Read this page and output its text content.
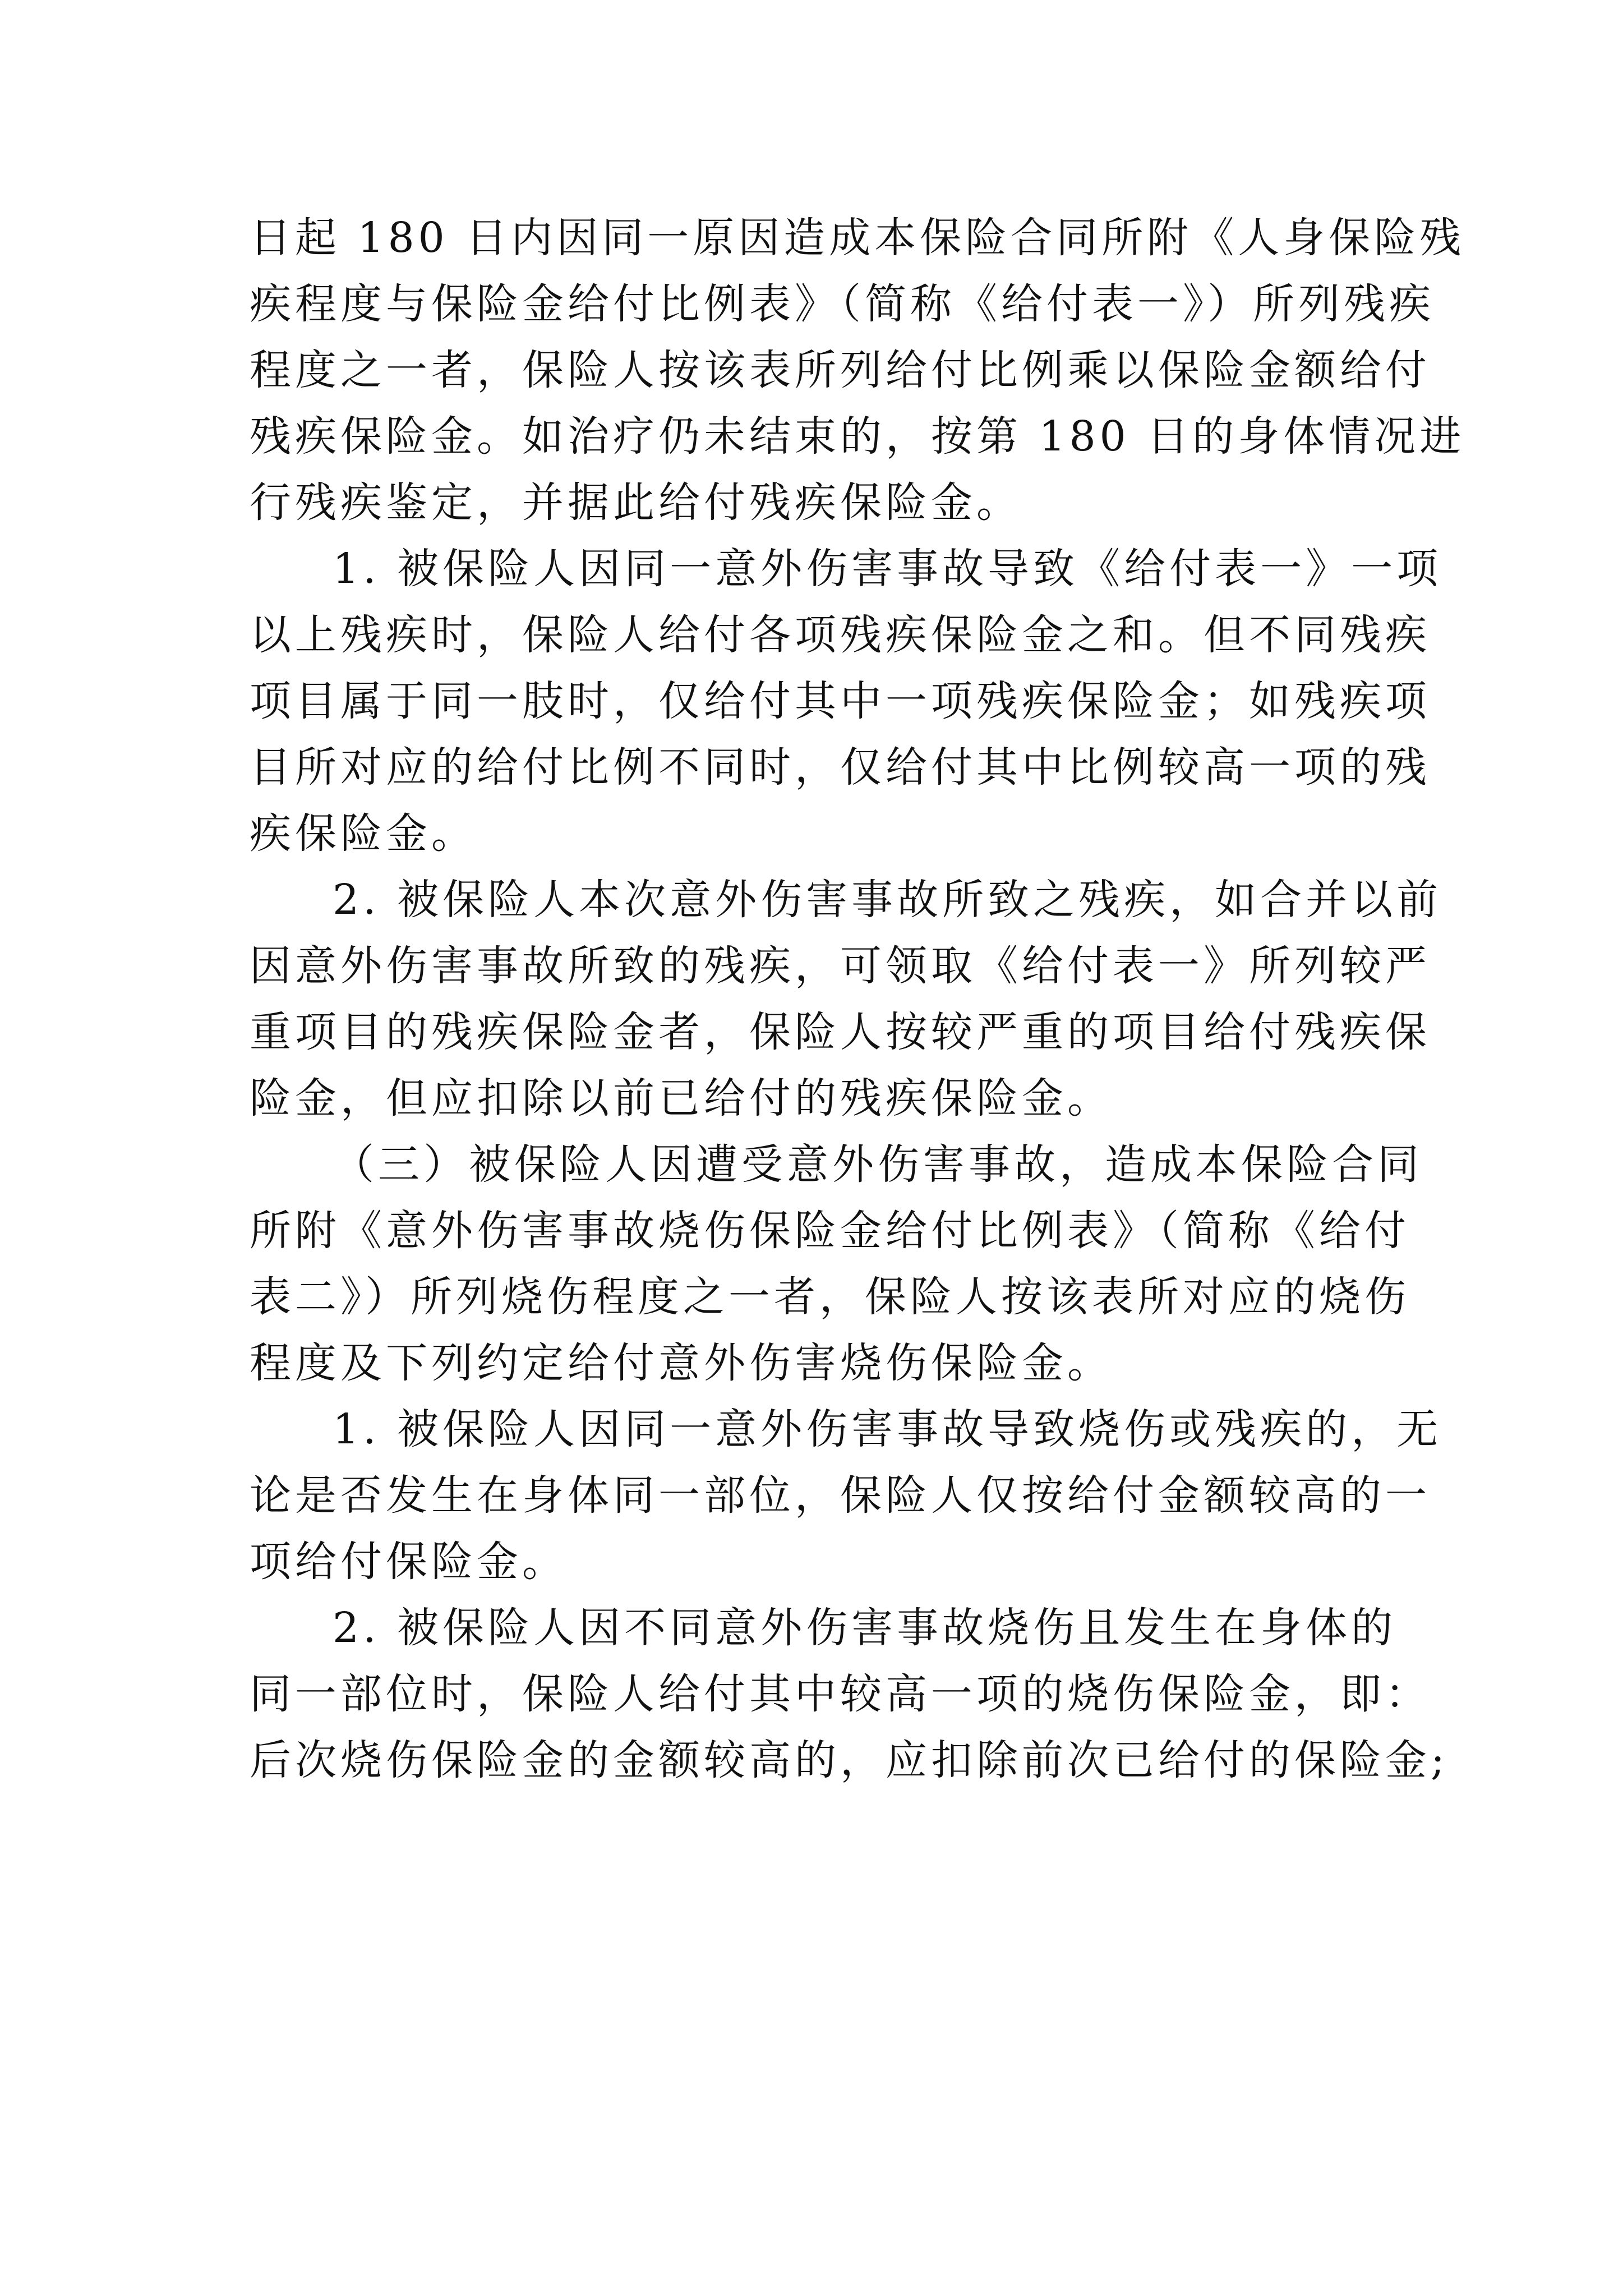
日起 180 日内因同一原因造成本保险合同所附《人身保险残
疾程度与保险金给付比例表》（简称《给付表一》）所列残疾
程度之一者，保险人按该表所列给付比例乘以保险金额给付
残疾保险金。如治疗仍未结束的，按第 180 日的身体情况进
行残疾鉴定，并据此给付残疾保险金。
1. 被保险人因同一意外伤害事故导致《给付表一》一项
以上残疾时，保险人给付各项残疾保险金之和。但不同残疾
项目属于同一肢时，仅给付其中一项残疾保险金；如残疾项
目所对应的给付比例不同时，仅给付其中比例较高一项的残
疾保险金。
2. 被保险人本次意外伤害事故所致之残疾，如合并以前
因意外伤害事故所致的残疾，可领取《给付表一》所列较严
重项目的残疾保险金者，保险人按较严重的项目给付残疾保
险金，但应扣除以前已给付的残疾保险金。
（三）被保险人因遭受意外伤害事故，造成本保险合同
所附《意外伤害事故烧伤保险金给付比例表》（简称《给付
表二》）所列烧伤程度之一者，保险人按该表所对应的烧伤
程度及下列约定给付意外伤害烧伤保险金。
1. 被保险人因同一意外伤害事故导致烧伤或残疾的，无
论是否发生在身体同一部位，保险人仅按给付金额较高的一
项给付保险金。
2. 被保险人因不同意外伤害事故烧伤且发生在身体的
同一部位时，保险人给付其中较高一项的烧伤保险金，即：
后次烧伤保险金的金额较高的，应扣除前次已给付的保险金;
